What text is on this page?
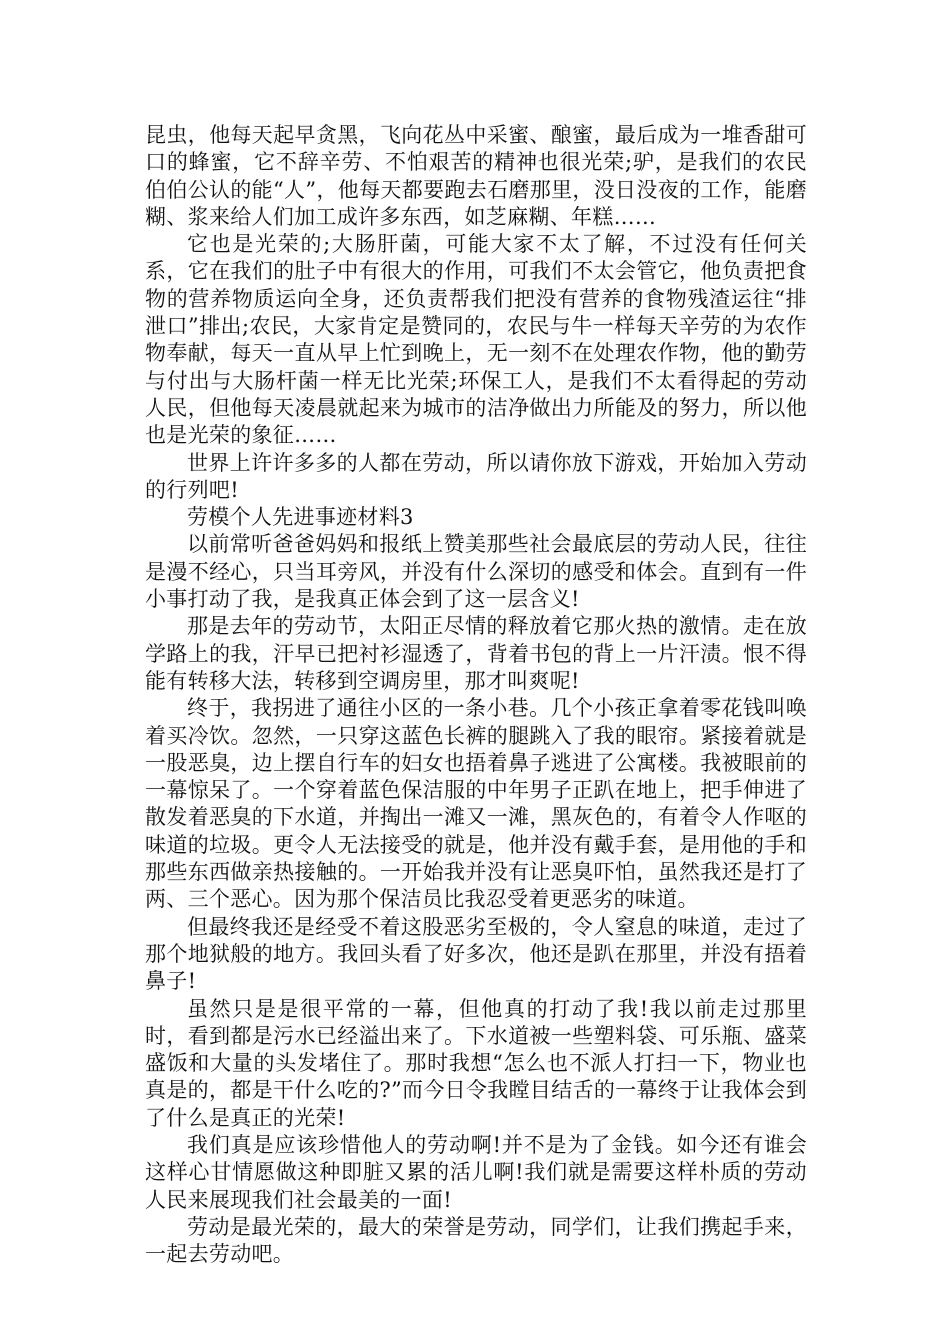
昆虫，他每天起早贪黑，飞向花丛中采蜜、酿蜜，最后成为一堆香甜可口的蜂蜜，它不辞辛劳、不怕艰苦的精神也很光荣;驴，是我们的农民伯伯公认的能“人”，他每天都要跑去石磨那里，没日没夜的工作，能磨糊、浆来给人们加工成许多东西，如芝麻糊、年糕……

它也是光荣的;大肠肝菌，可能大家不太了解，不过没有任何关系，它在我们的肚子中有很大的作用，可我们不太会管它，他负责把食物的营养物质运向全身，还负责帮我们把没有营养的食物残渣运往“排泄口”排出;农民，大家肯定是赞同的，农民与牛一样每天辛劳的为农作物奉献，每天一直从早上忙到晚上，无一刻不在处理农作物，他的勤劳与付出与大肠杆菌一样无比光荣;环保工人，是我们不太看得起的劳动人民，但他每天凌晨就起来为城市的洁净做出力所能及的努力，所以他也是光荣的象征……

世界上许许多多的人都在劳动，所以请你放下游戏，开始加入劳动的行列吧!

劳模个人先进事迹材料3

以前常听爸爸妈妈和报纸上赞美那些社会最底层的劳动人民，往往是漫不经心，只当耳旁风，并没有什么深切的感受和体会。直到有一件小事打动了我，是我真正体会到了这一层含义!

那是去年的劳动节，太阳正尽情的释放着它那火热的激情。走在放学路上的我，汗早已把衬衫湿透了，背着书包的背上一片汗渍。恨不得能有转移大法，转移到空调房里，那才叫爽呢!

终于，我拐进了通往小区的一条小巷。几个小孩正拿着零花钱叫唤着买冷饮。忽然，一只穿这蓝色长裤的腿跳入了我的眼帘。紧接着就是一股恶臭，边上摆自行车的妇女也捂着鼻子逃进了公寓楼。我被眼前的一幕惊呆了。一个穿着蓝色保洁服的中年男子正趴在地上，把手伸进了散发着恶臭的下水道，并掏出一滩又一滩，黑灰色的，有着令人作呕的味道的垃圾。更令人无法接受的就是，他并没有戴手套，是用他的手和那些东西做亲热接触的。一开始我并没有让恶臭吓怕，虽然我还是打了两、三个恶心。因为那个保洁员比我忍受着更恶劣的味道。

但最终我还是经受不着这股恶劣至极的，令人窒息的味道，走过了那个地狱般的地方。我回头看了好多次，他还是趴在那里，并没有捂着鼻子!

虽然只是是很平常的一幕，但他真的打动了我!我以前走过那里时，看到都是污水已经溢出来了。下水道被一些塑料袋、可乐瓶、盛菜盛饭和大量的头发堵住了。那时我想“怎么也不派人打扫一下，物业也真是的，都是干什么吃的?”而今日令我瞠目结舌的一幕终于让我体会到了什么是真正的光荣!

我们真是应该珍惜他人的劳动啊!并不是为了金钱。如今还有谁会这样心甘情愿做这种即脏又累的活儿啊!我们就是需要这样朴质的劳动人民来展现我们社会最美的一面!

劳动是最光荣的，最大的荣誉是劳动，同学们，让我们携起手来，一起去劳动吧。
